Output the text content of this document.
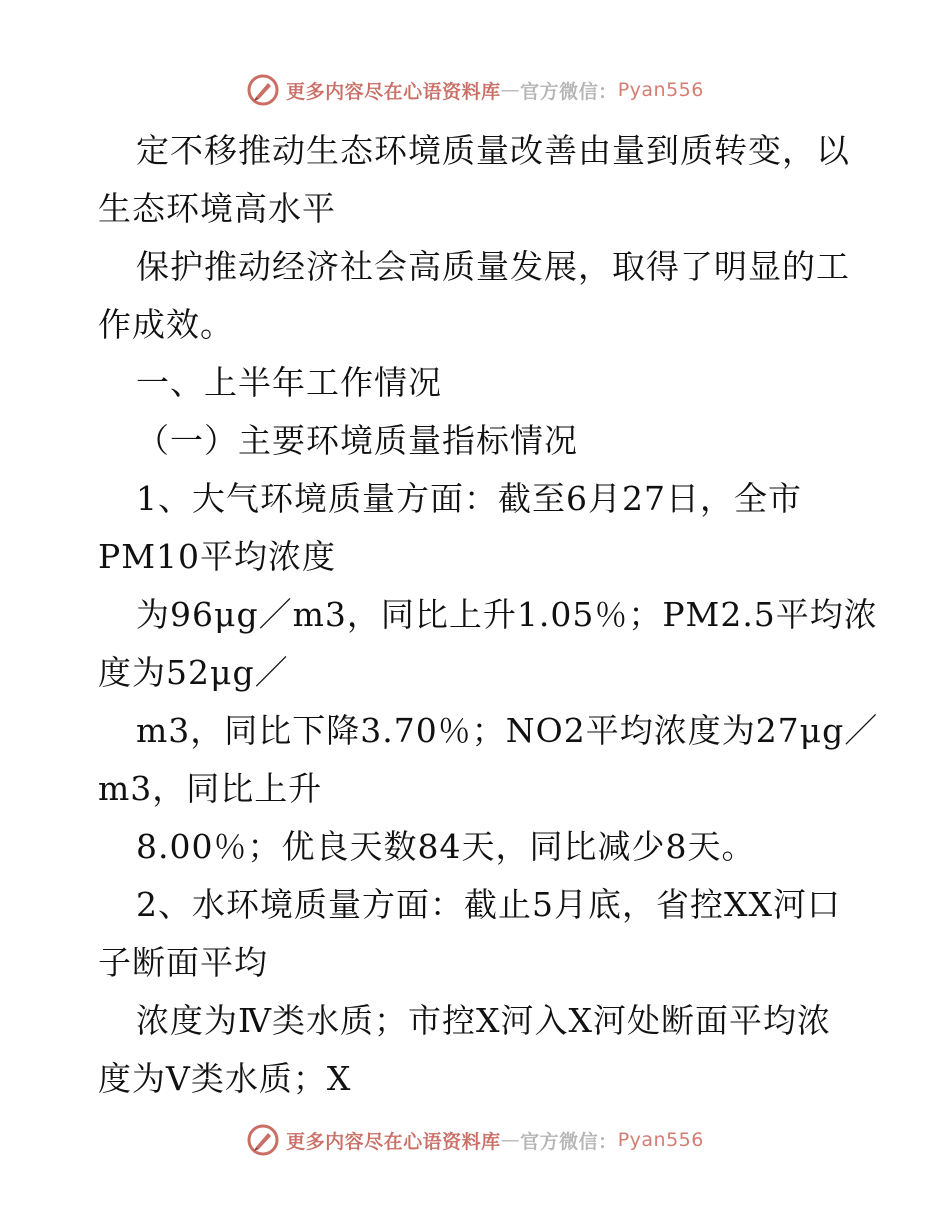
更多内容尽在心语资料库 — 官方微信： Pyan556
定不移推动生态环境质量改善由量到质转变，以
生态环境高水平
保护推动经济社会高质量发展，取得了明显的工
作成效。
一、上半年工作情况
（一）主要环境质量指标情况
1、大气环境质量方面：截至6月27日，全市
PM10平均浓度
为96μg／m3，同比上升1.05％；PM2.5平均浓
度为52μg／
m3，同比下降3.70％；NO2平均浓度为27μg／
m3，同比上升
8.00％；优良天数84天，同比减少8天。
2、水环境质量方面：截止5月底，省控XX河口
子断面平均
浓度为Ⅳ类水质；市控X河入X河处断面平均浓
度为Ⅴ类水质；X
更多内容尽在心语资料库 — 官方微信： Pyan556
